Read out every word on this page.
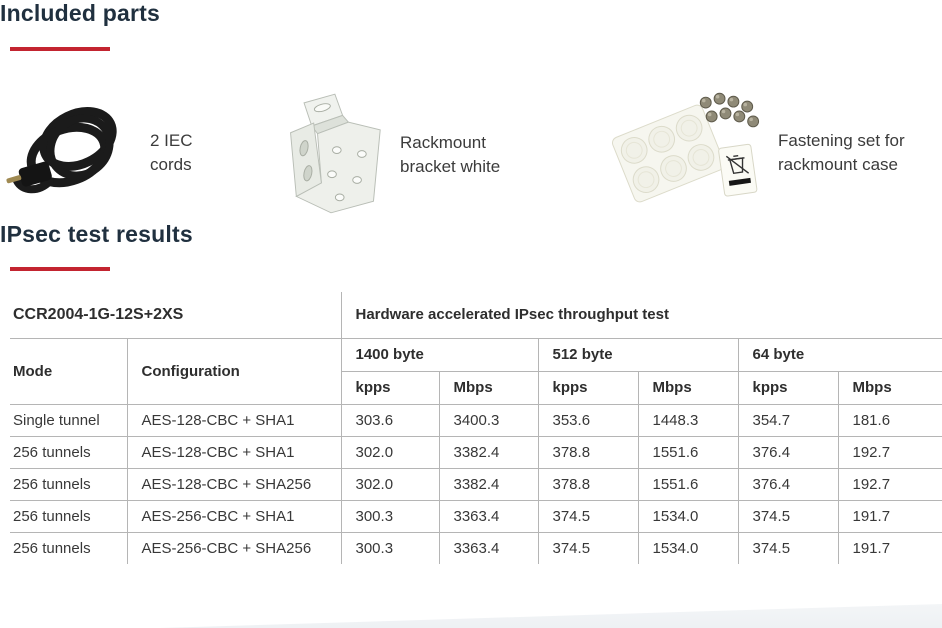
Included parts
2 IEC
cords
Rackmount
bracket white
Fastening set for
rackmount case
IPsec test results
CCR2004-1G-12S+2XS		Hardware accelerated IPsec throughput test					
Mode	Configuration	1400 byte		512 byte		64 byte	
		kpps	Mbps	kpps	Mbps	kpps	Mbps
Single tunnel	AES-128-CBC + SHA1	303.6	3400.3	353.6	1448.3	354.7	181.6
256 tunnels	AES-128-CBC + SHA1	302.0	3382.4	378.8	1551.6	376.4	192.7
256 tunnels	AES-128-CBC + SHA256	302.0	3382.4	378.8	1551.6	376.4	192.7
256 tunnels	AES-256-CBC + SHA1	300.3	3363.4	374.5	1534.0	374.5	191.7
256 tunnels	AES-256-CBC + SHA256	300.3	3363.4	374.5	1534.0	374.5	191.7
